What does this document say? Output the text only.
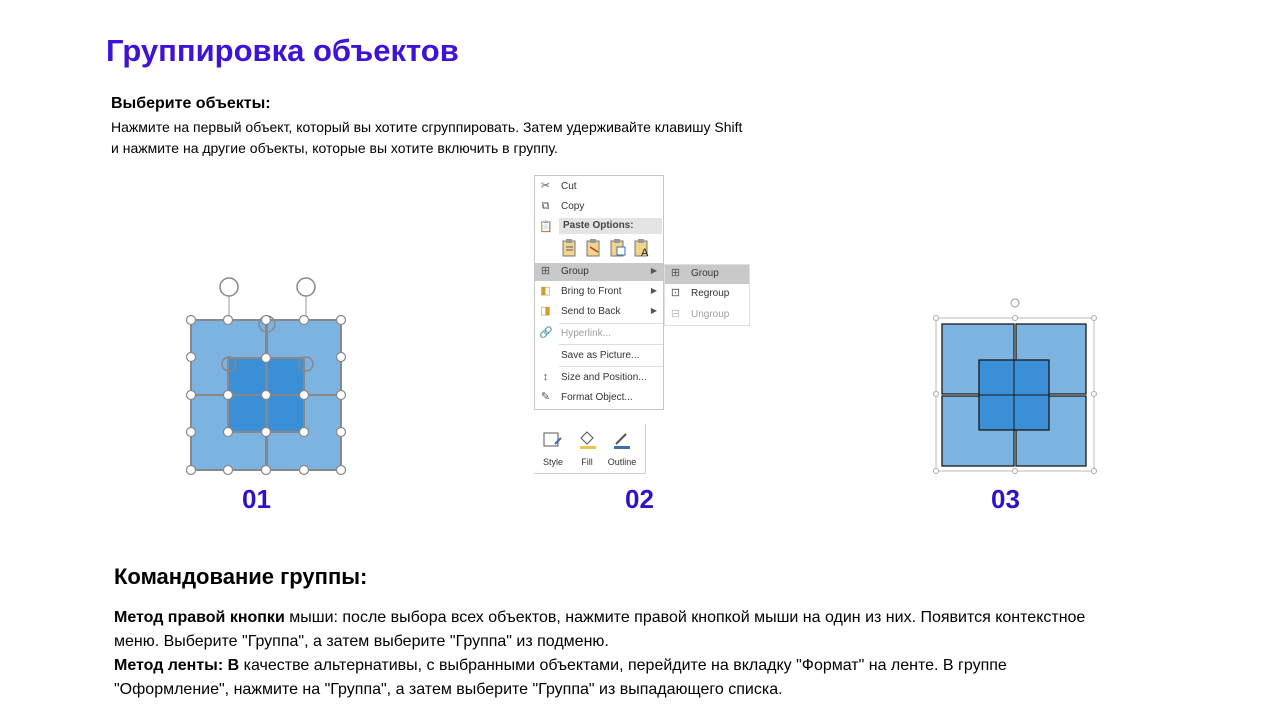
Группировка объектов
Выберите объекты:
Нажмите на первый объект, который вы хотите сгруппировать. Затем удерживайте клавишу Shift и нажмите на другие объекты, которые вы хотите включить в группу.
✂ Cut
⧉ Copy
📋	Paste Options:
A
⊞ Group	▶
◧ Bring to Front	▶
◨ Send to Back	▶
🔗 Hyperlink...
Save as Picture...
↕	Size and Position...
✎ Format Object...
⊞ Group
⊡ Regroup
⊟ Ungroup
Style	Fill	Outline
01	02	03
Командование группы:
Метод правой кнопки мыши: после выбора всех объектов, нажмите правой кнопкой мыши на один из них. Появится контекстное меню. Выберите "Группа", а затем выберите "Группа" из подменю.
Метод ленты: В качестве альтернативы, с выбранными объектами, перейдите на вкладку "Формат" на ленте. В группе "Оформление", нажмите на "Группа", а затем выберите "Группа" из выпадающего списка.
